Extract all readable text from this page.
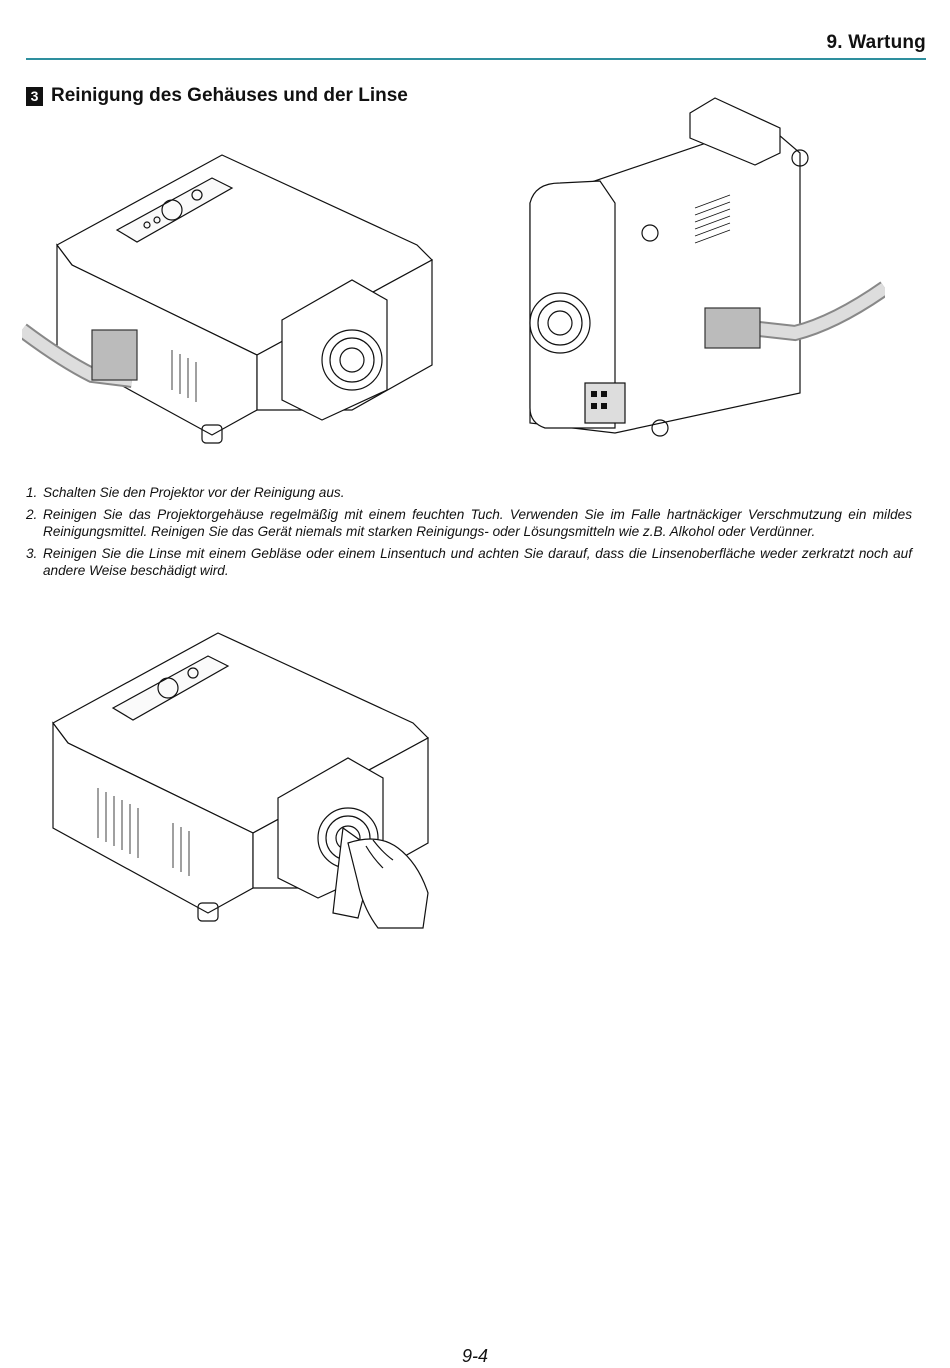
9. Wartung
3 Reinigung des Gehäuses und der Linse
1. Schalten Sie den Projektor vor der Reinigung aus.
2. Reinigen Sie das Projektorgehäuse regelmäßig mit einem feuchten Tuch. Verwenden Sie im Falle hartnäckiger Verschmutzung ein mildes Reinigungsmittel. Reinigen Sie das Gerät niemals mit starken Reinigungs- oder Lösungsmitteln wie z.B. Alkohol oder Verdünner.
3. Reinigen Sie die Linse mit einem Gebläse oder einem Linsentuch und achten Sie darauf, dass die Linsenoberfläche weder zerkratzt noch auf andere Weise beschädigt wird.
9-4
